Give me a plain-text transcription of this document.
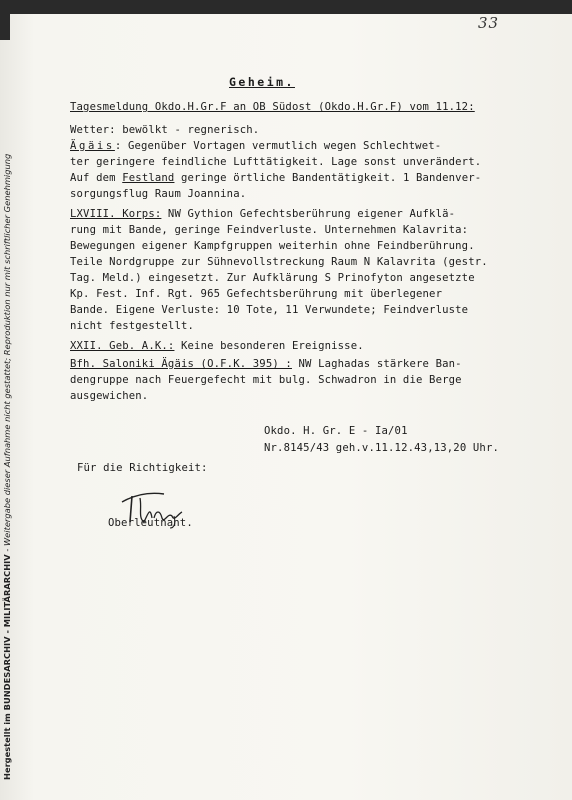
33
Hergestellt im BUNDESARCHIV - MILITÄRARCHIV - Weitergabe dieser Aufnahme nicht gestattet; Reproduktion nur mit schriftlicher Genehmigung
Geheim.
Tagesmeldung Okdo.H.Gr.F an OB Südost (Okdo.H.Gr.F) vom 11.12:
Wetter: bewölkt - regnerisch.
Ägäis: Gegenüber Vortagen vermutlich wegen Schlechtwet-
ter geringere feindliche Lufttätigkeit. Lage sonst unverändert.
Auf dem Festland geringe örtliche Bandentätigkeit. 1 Bandenver-
sorgungsflug Raum Joannina.
LXVIII. Korps: NW Gythion Gefechtsberührung eigener Aufklä-
rung mit Bande, geringe Feindverluste. Unternehmen Kalavrita:
Bewegungen eigener Kampfgruppen weiterhin ohne Feindberührung.
Teile Nordgruppe zur Sühnevollstreckung Raum N Kalavrita (gestr.
Tag. Meld.) eingesetzt. Zur Aufklärung S Prinofyton angesetzte
Kp. Fest. Inf. Rgt. 965 Gefechtsberührung mit überlegener
Bande. Eigene Verluste: 10 Tote, 11 Verwundete; Feindverluste
nicht festgestellt.
XXII. Geb. A.K.: Keine besonderen Ereignisse.
Bfh. Saloniki Ägäis (O.F.K. 395) : NW Laghadas stärkere Ban-
dengruppe nach Feuergefecht mit bulg. Schwadron in die Berge
ausgewichen.
Okdo. H. Gr. E - Ia/01
Nr.8145/43 geh.v.11.12.43,13,20 Uhr.
Für die Richtigkeit:
Oberleutnant.
